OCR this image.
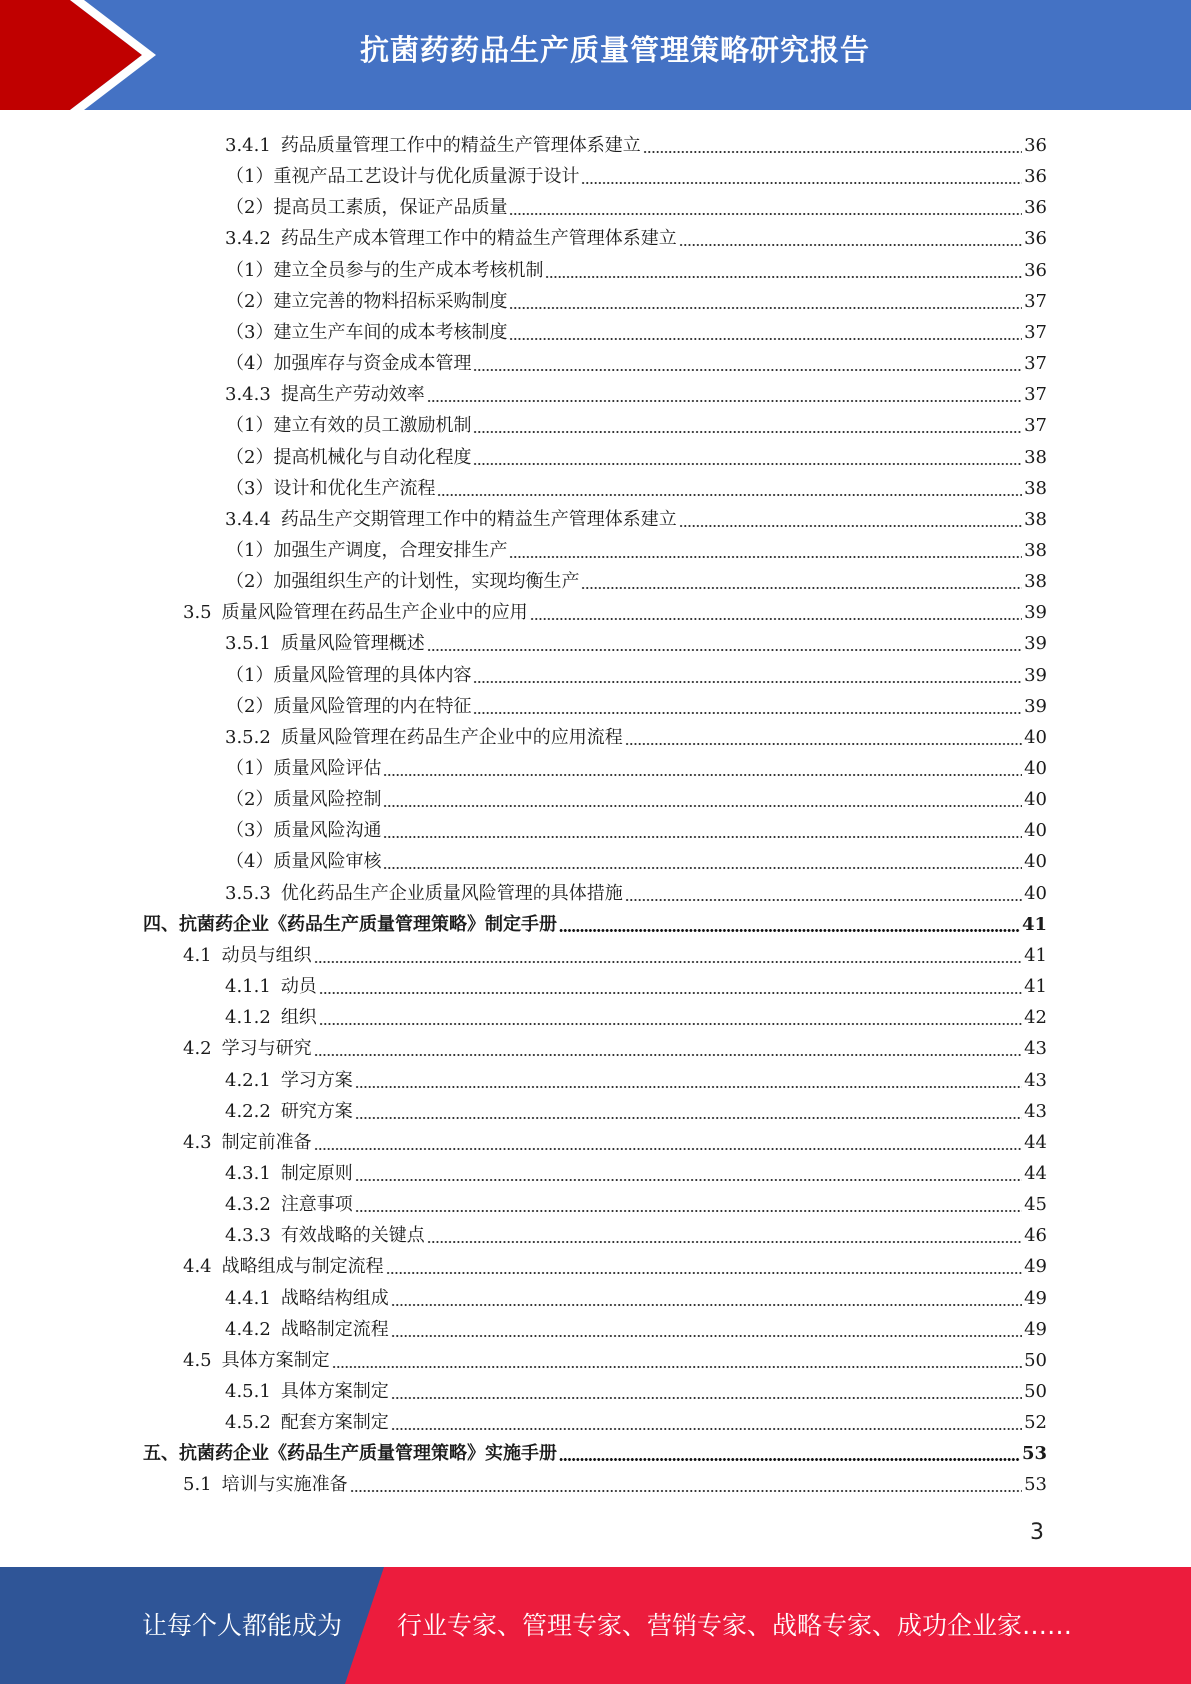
抗菌药药品生产质量管理策略研究报告
3.4.1 药品质量管理工作中的精益生产管理体系建立	36
（1）重视产品工艺设计与优化质量源于设计	36
（2）提高员工素质，保证产品质量	36
3.4.2 药品生产成本管理工作中的精益生产管理体系建立	36
（1）建立全员参与的生产成本考核机制	36
（2）建立完善的物料招标采购制度	37
（3）建立生产车间的成本考核制度	37
（4）加强库存与资金成本管理	37
3.4.3 提高生产劳动效率	37
（1）建立有效的员工激励机制	37
（2）提高机械化与自动化程度	38
（3）设计和优化生产流程	38
3.4.4 药品生产交期管理工作中的精益生产管理体系建立	38
（1）加强生产调度，合理安排生产	38
（2）加强组织生产的计划性，实现均衡生产	38
3.5 质量风险管理在药品生产企业中的应用	39
3.5.1 质量风险管理概述	39
（1）质量风险管理的具体内容	39
（2）质量风险管理的内在特征	39
3.5.2 质量风险管理在药品生产企业中的应用流程	40
（1）质量风险评估	40
（2）质量风险控制	40
（3）质量风险沟通	40
（4）质量风险审核	40
3.5.3 优化药品生产企业质量风险管理的具体措施	40
四、抗菌药企业《药品生产质量管理策略》制定手册	41
4.1 动员与组织	41
4.1.1 动员	41
4.1.2 组织	42
4.2 学习与研究	43
4.2.1 学习方案	43
4.2.2 研究方案	43
4.3 制定前准备	44
4.3.1 制定原则	44
4.3.2 注意事项	45
4.3.3 有效战略的关键点	46
4.4 战略组成与制定流程	49
4.4.1 战略结构组成	49
4.4.2 战略制定流程	49
4.5 具体方案制定	50
4.5.1 具体方案制定	50
4.5.2 配套方案制定	52
五、抗菌药企业《药品生产质量管理策略》实施手册	53
5.1 培训与实施准备	53
3
让每个人都能成为 行业专家、管理专家、营销专家、战略专家、成功企业家……
